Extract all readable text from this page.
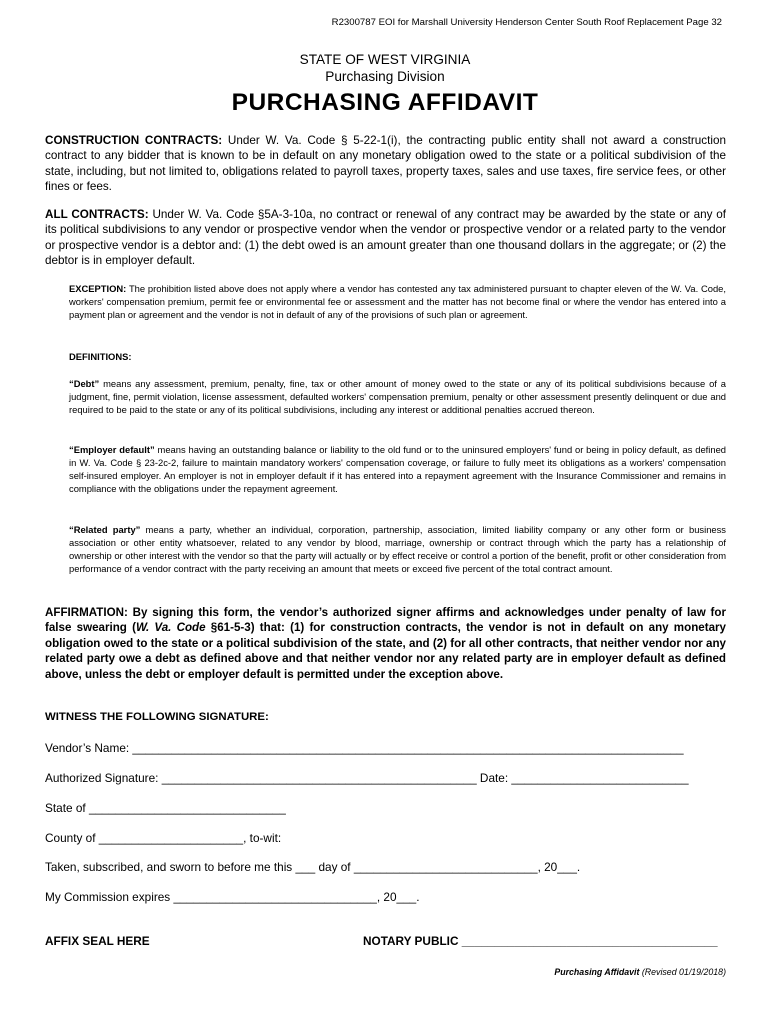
R2300787 EOI for Marshall University Henderson Center South Roof Replacement Page 32
STATE OF WEST VIRGINIA
Purchasing Division
PURCHASING AFFIDAVIT
CONSTRUCTION CONTRACTS: Under W. Va. Code § 5-22-1(i), the contracting public entity shall not award a construction contract to any bidder that is known to be in default on any monetary obligation owed to the state or a political subdivision of the state, including, but not limited to, obligations related to payroll taxes, property taxes, sales and use taxes, fire service fees, or other fines or fees.
ALL CONTRACTS: Under W. Va. Code §5A-3-10a, no contract or renewal of any contract may be awarded by the state or any of its political subdivisions to any vendor or prospective vendor when the vendor or prospective vendor or a related party to the vendor or prospective vendor is a debtor and: (1) the debt owed is an amount greater than one thousand dollars in the aggregate; or (2) the debtor is in employer default.
EXCEPTION: The prohibition listed above does not apply where a vendor has contested any tax administered pursuant to chapter eleven of the W. Va. Code, workers' compensation premium, permit fee or environmental fee or assessment and the matter has not become final or where the vendor has entered into a payment plan or agreement and the vendor is not in default of any of the provisions of such plan or agreement.
DEFINITIONS:
“Debt” means any assessment, premium, penalty, fine, tax or other amount of money owed to the state or any of its political subdivisions because of a judgment, fine, permit violation, license assessment, defaulted workers' compensation premium, penalty or other assessment presently delinquent or due and required to be paid to the state or any of its political subdivisions, including any interest or additional penalties accrued thereon.
“Employer default” means having an outstanding balance or liability to the old fund or to the uninsured employers' fund or being in policy default, as defined in W. Va. Code § 23-2c-2, failure to maintain mandatory workers' compensation coverage, or failure to fully meet its obligations as a workers' compensation self-insured employer. An employer is not in employer default if it has entered into a repayment agreement with the Insurance Commissioner and remains in compliance with the obligations under the repayment agreement.
“Related party” means a party, whether an individual, corporation, partnership, association, limited liability company or any other form or business association or other entity whatsoever, related to any vendor by blood, marriage, ownership or contract through which the party has a relationship of ownership or other interest with the vendor so that the party will actually or by effect receive or control a portion of the benefit, profit or other consideration from performance of a vendor contract with the party receiving an amount that meets or exceed five percent of the total contract amount.
AFFIRMATION: By signing this form, the vendor’s authorized signer affirms and acknowledges under penalty of law for false swearing (W. Va. Code §61-5-3) that: (1) for construction contracts, the vendor is not in default on any monetary obligation owed to the state or a political subdivision of the state, and (2) for all other contracts, that neither vendor nor any related party owe a debt as defined above and that neither vendor nor any related party are in employer default as defined above, unless the debt or employer default is permitted under the exception above.
WITNESS THE FOLLOWING SIGNATURE:
Vendor’s Name: ____________________________________________________________________________________
Authorized Signature: ________________________________________________ Date: ___________________________
State of ______________________________
County of ______________________, to-wit:
Taken, subscribed, and sworn to before me this ___ day of ____________________________, 20___.
My Commission expires _______________________________, 20___.
AFFIX SEAL HERE	NOTARY PUBLIC _______________________________________
Purchasing Affidavit (Revised 01/19/2018)
